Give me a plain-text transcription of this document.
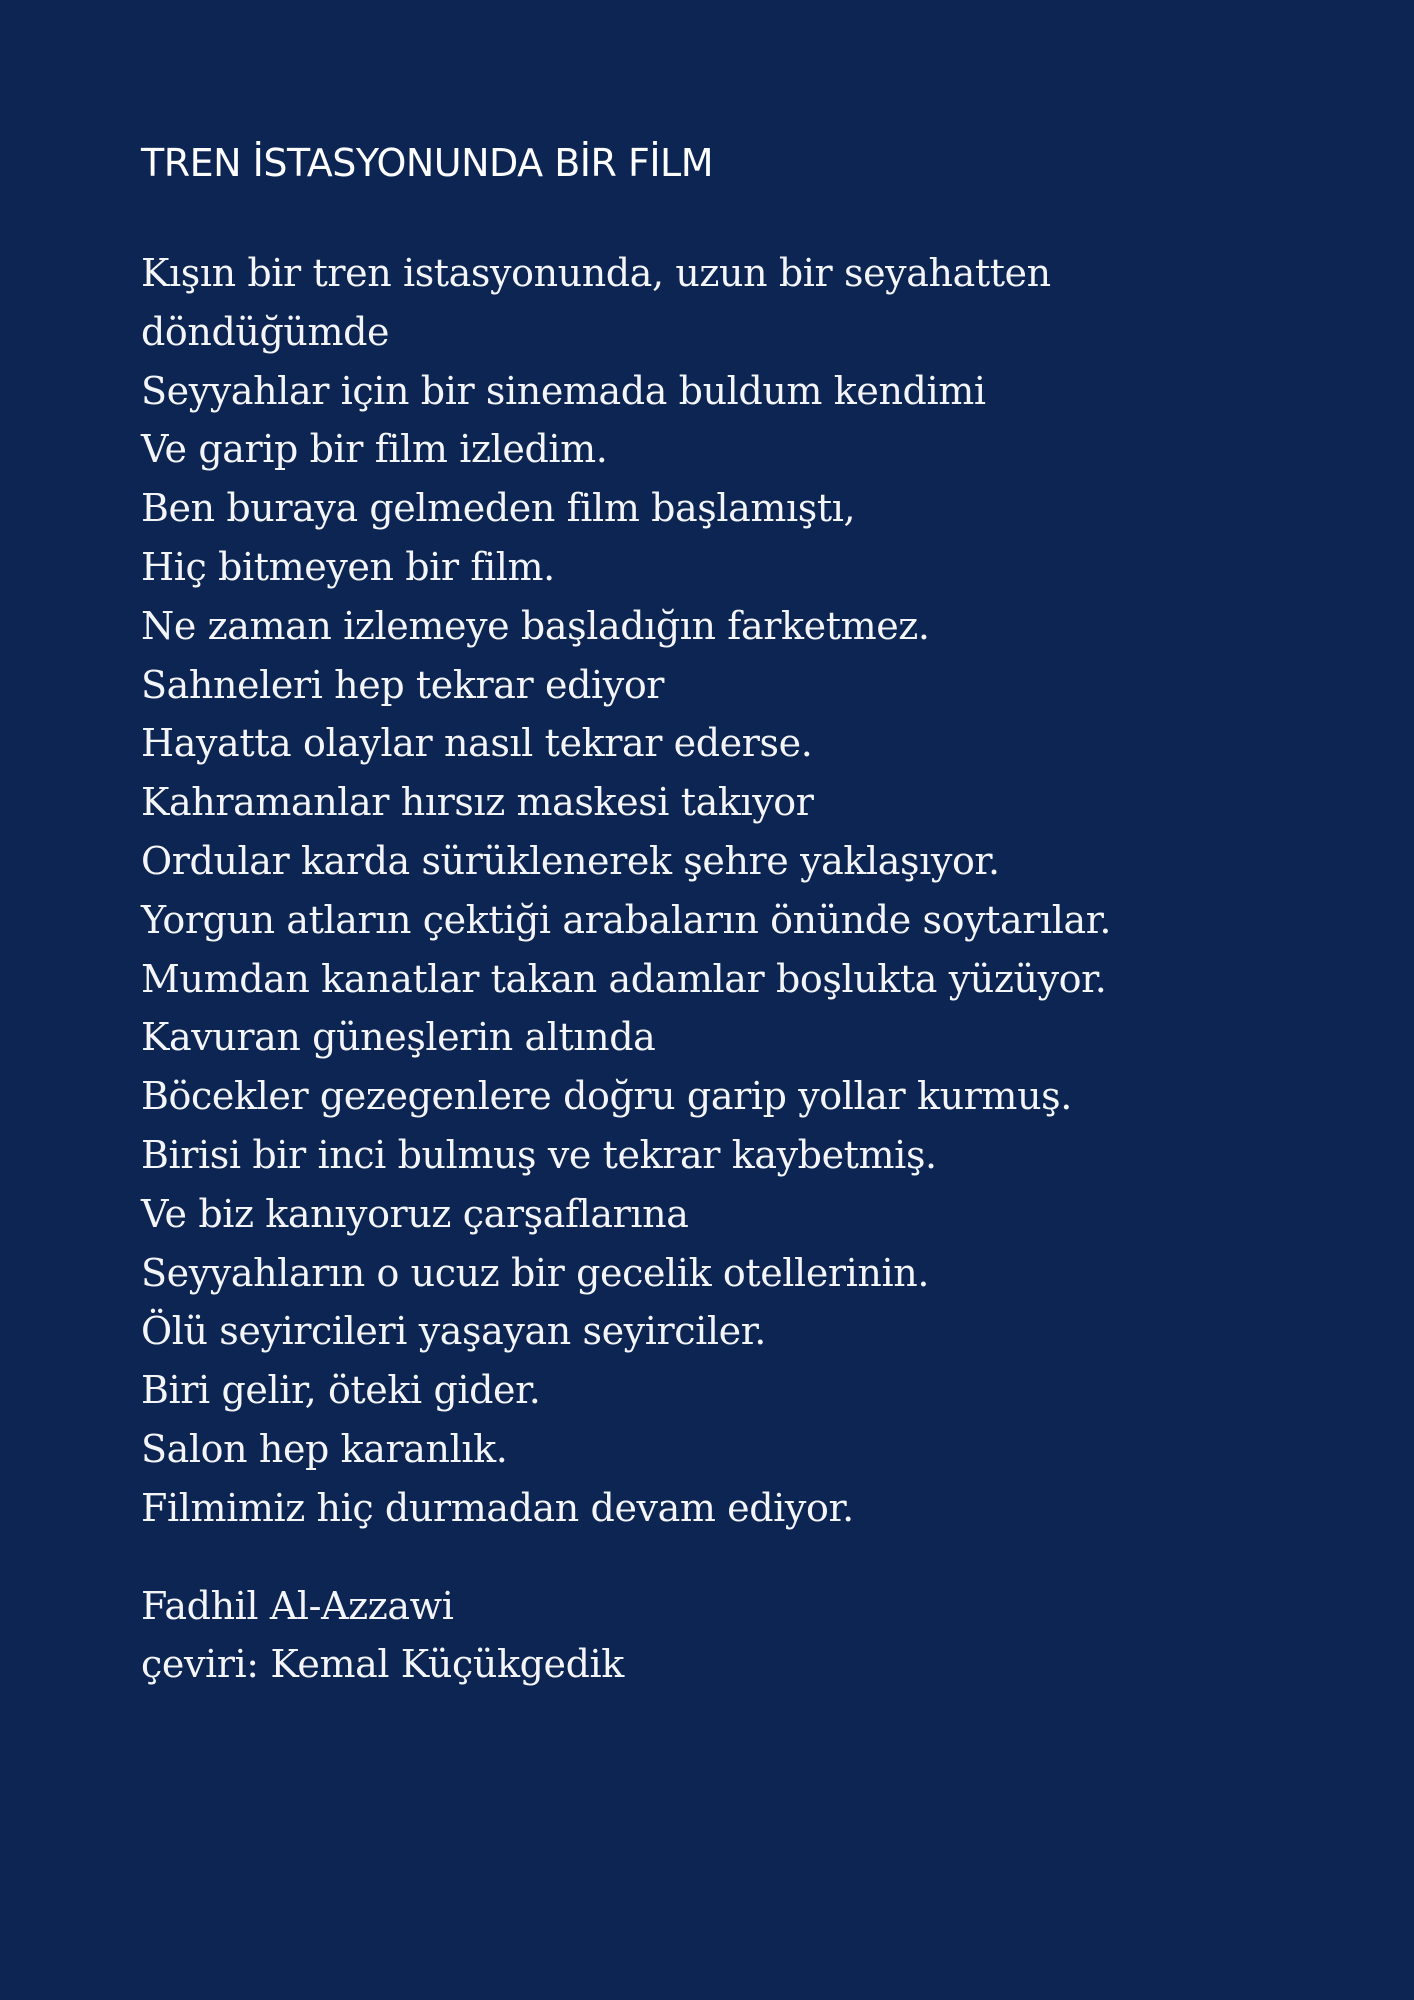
TREN İSTASYONUNDA BİR FİLM
Kışın bir tren istasyonunda, uzun bir seyahatten
döndüğümde
Seyyahlar için bir sinemada buldum kendimi
Ve garip bir film izledim.
Ben buraya gelmeden film başlamıştı,
Hiç bitmeyen bir film.
Ne zaman izlemeye başladığın farketmez.
Sahneleri hep tekrar ediyor
Hayatta olaylar nasıl tekrar ederse.
Kahramanlar hırsız maskesi takıyor
Ordular karda sürüklenerek şehre yaklaşıyor.
Yorgun atların çektiği arabaların önünde soytarılar.
Mumdan kanatlar takan adamlar boşlukta yüzüyor.
Kavuran güneşlerin altında
Böcekler gezegenlere doğru garip yollar kurmuş.
Birisi bir inci bulmuş ve tekrar kaybetmiş.
Ve biz kanıyoruz çarşaflarına
Seyyahların o ucuz bir gecelik otellerinin.
Ölü seyircileri yaşayan seyirciler.
Biri gelir, öteki gider.
Salon hep karanlık.
Filmimiz hiç durmadan devam ediyor.
Fadhil Al-Azzawi
çeviri: Kemal Küçükgedik
